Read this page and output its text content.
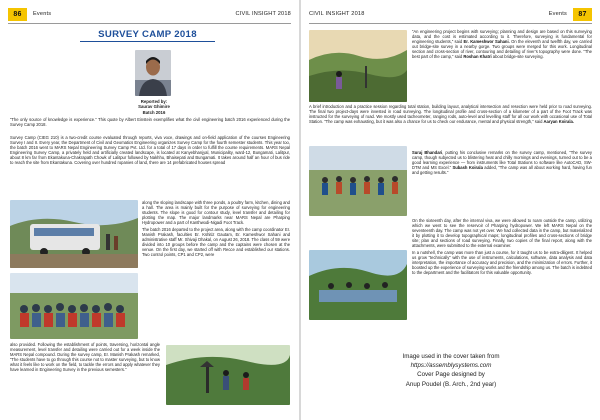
86	Events	CIVIL INSIGHT 2018
SURVEY CAMP 2018
Reported by:
Saurav Ghimire
Batch 2016

“The only source of knowledge is experience.” This quote by Albert Einstein exemplifies what the civil engineering batch 2016 experienced during the Survey Camp 2018.

Survey Camp (CIEG 210) is a two-credit course evaluated through reports, viva voce, drawings and on-field application of the courses Engineering Survey I and II. Every year, the Department of Civil and Geomatics Engineering organizes Survey Camp for the fourth semester students. This year too, the batch 2016 went to MARS Nepal Engineering Survey Camp Pvt. Ltd. for a total of 17 days in order to fulfill the course requirements. MARS Nepal Engineering Survey Camp, a privately held and artificially created landscape, is located at Kanyebhanjyal, Municipality, ward-12, Bungamati, Lalitpur, about 8 km far from Ekantakuna-Chakrapath Chowk of Lalitpur followed by Nakhhu, Bhaisepati and Bungamati. It takes around half an hour of bus ride to reach the site from Ekantakuna. Covering over hundred ropanies of land, there are 14 prefabricated houses spread

along the sloping landscape with three ponds, a poultry farm, kitchen, dining and a hall. The area is mainly built for the purpose of surveying for engineering students. The slope is good for contour study, level transfer and detailing for plotting the map. The major landmarks near MARS Nepal are Pharping Hydropower and a part of Kanthwodi-Nigadi Foot Track.

The batch 2016 departed to the project area, along with the camp coordinator Er. Manish Prakash, faculties Er. Kshitiz Gautam, Er. Kameshwor Sahani and administrative staff Mr. Shivaji Dhakal, on August 26, 2018. The class of 59 were divided into 10 groups before the camp and the captains were chosen at the venue. On the first day, we started off with Recce and established our stations. Two control points, CP1 and CP2, were

also provided. Following the establishment of points, traversing, horizontal angle measurement, level transfer and detailing were carried out for a week inside the MARS Nepal compound. During the survey camp, Er. Manish Prakash remarked, “The students have to go through this course not to master surveying, but to know what it feels like to work on the field, to tackle the errors and apply whatever they have learned in Engineering Survey in the previous semesters.”

CIVIL INSIGHT 2018	Events	87

“An engineering project begins with surveying; planning and design are based on this surveying data, and the cost is estimated according to it. Therefore, surveying is fundamental for engineering students,” said Er. Kameshwor Sahani. On the eleventh and twelfth day, we carried out bridge-site survey in a nearby gorge. Two groups were merged for this work. Longitudinal section and cross-section of river, contouring and detailing of river’s topography were done. “The best part of the camp,” said Roshan Khatri about bridge-site surveying.

A brief introduction and a practice session regarding total station, building layout, analytical intersection and resection were held prior to road surveying. The final two project-days were invested in road surveying. The longitudinal profile and cross-section of a kilometer of a part of the Foot Track was instructed for the surveying of road. We mostly used tacheometer, ranging rods, auto-level and levelling staff for all our work with occasional use of Total Station. “The camp was exhausting, but it was also a chance for us to check our endurance, mental and physical strength,” said Aaryan Koirala.

Suraj Bhandari, putting his conclusive remarks on the survey camp, mentioned, “The survey camp, though subjected us to blistering heat and chilly mornings and evenings, turned out to be a good learning experience — from instruments like Total Stations to software like AutoCAD, SW-DTM and MS Excel.” Subash Koirala added, “The camp was all about working hard, having fun and getting results.”

On the sixteenth day, after the internal viva, we were allowed to roam outside the camp, utilizing which we went to see the reservoir of Pharping hydropower. We left MARS Nepal on the seventeenth day. The camp was not yet over. We had collected data in the camp, but materialized it by plotting it to develop topographical maps; longitudinal profiles and cross-sections of bridge site; plan and sections of road surveying. Finally, two copies of the final report, along with the attachments, were submitted to the external examiner.

In a nutshell, the camp was more than just a course, for it taught us to be extra-diligent. It helped us grow “technically” with the use of instruments, calculations, software, data analysis and data interpretation, the importance of accuracy and precision, and the minimization of errors. Further, it boosted up the experience of surveying works and the friendship among us. The batch is indebted to the department and the facilitators for this valuable opportunity.

Image used in the cover taken from
https://assemblysystems.com
Cover Page designed by
Anup Poudel (B. Arch., 2nd year)
